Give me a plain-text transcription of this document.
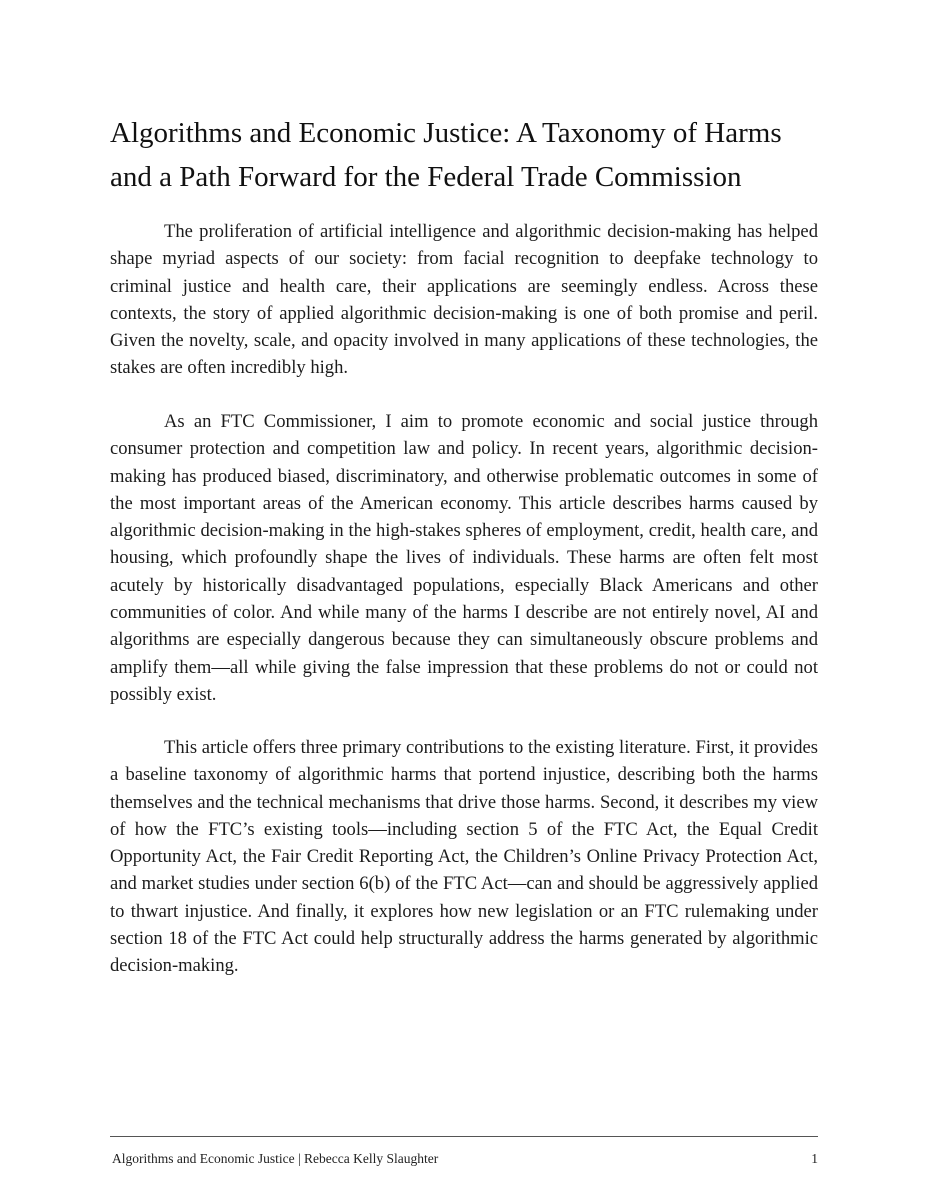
Algorithms and Economic Justice: A Taxonomy of Harms and a Path Forward for the Federal Trade Commission

The proliferation of artificial intelligence and algorithmic decision-making has helped shape myriad aspects of our society: from facial recognition to deepfake technology to criminal justice and health care, their applications are seemingly endless. Across these contexts, the story of applied algorithmic decision-making is one of both promise and peril. Given the novelty, scale, and opacity involved in many applications of these technologies, the stakes are often incredibly high.

As an FTC Commissioner, I aim to promote economic and social justice through consumer protection and competition law and policy. In recent years, algorithmic decision-making has produced biased, discriminatory, and otherwise problematic outcomes in some of the most important areas of the American economy. This article describes harms caused by algorithmic decision-making in the high-stakes spheres of employment, credit, health care, and housing, which profoundly shape the lives of individuals. These harms are often felt most acutely by historically disadvantaged populations, especially Black Americans and other communities of color. And while many of the harms I describe are not entirely novel, AI and algorithms are especially dangerous because they can simultaneously obscure problems and amplify them—all while giving the false impression that these problems do not or could not possibly exist.

This article offers three primary contributions to the existing literature. First, it provides a baseline taxonomy of algorithmic harms that portend injustice, describing both the harms themselves and the technical mechanisms that drive those harms. Second, it describes my view of how the FTC’s existing tools—including section 5 of the FTC Act, the Equal Credit Opportunity Act, the Fair Credit Reporting Act, the Children’s Online Privacy Protection Act, and market studies under section 6(b) of the FTC Act—can and should be aggressively applied to thwart injustice. And finally, it explores how new legislation or an FTC rulemaking under section 18 of the FTC Act could help structurally address the harms generated by algorithmic decision-making.

Algorithms and Economic Justice | Rebecca Kelly Slaughter	1
